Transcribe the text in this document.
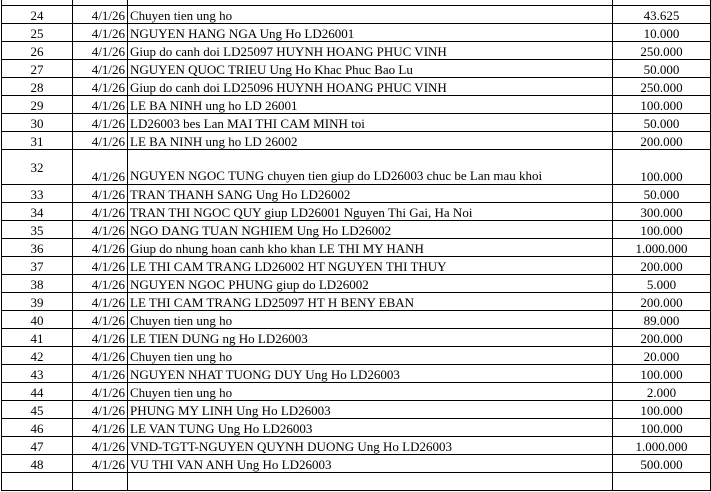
24	4/1/26	Chuyen tien ung ho	43.625
25	4/1/26	NGUYEN HANG NGA Ung Ho LD26001	10.000
26	4/1/26	Giup do canh doi LD25097 HUYNH HOANG PHUC VINH	250.000
27	4/1/26	NGUYEN QUOC TRIEU Ung Ho Khac Phuc Bao Lu	50.000
28	4/1/26	Giup do canh doi LD25096 HUYNH HOANG PHUC VINH	250.000
29	4/1/26	LE BA NINH ung ho LD 26001	100.000
30	4/1/26	LD26003 bes Lan MAI THI CAM MINH toi	50.000
31	4/1/26	LE BA NINH ung ho LD 26002	200.000
32	4/1/26	NGUYEN NGOC TUNG chuyen tien giup do LD26003 chuc be Lan mau khoi	100.000
33	4/1/26	TRAN THANH SANG Ung Ho LD26002	50.000
34	4/1/26	TRAN THI NGOC QUY giup LD26001 Nguyen Thi Gai, Ha Noi	300.000
35	4/1/26	NGO DANG TUAN NGHIEM Ung Ho LD26002	100.000
36	4/1/26	Giup do nhung hoan canh kho khan LE THI MY HANH	1.000.000
37	4/1/26	LE THI CAM TRANG LD26002 HT NGUYEN THI THUY	200.000
38	4/1/26	NGUYEN NGOC PHUNG giup do LD26002	5.000
39	4/1/26	LE THI CAM TRANG LD25097 HT H BENY EBAN	200.000
40	4/1/26	Chuyen tien ung ho	89.000
41	4/1/26	LE TIEN DUNG ng Ho LD26003	200.000
42	4/1/26	Chuyen tien ung ho	20.000
43	4/1/26	NGUYEN NHAT TUONG DUY Ung Ho LD26003	100.000
44	4/1/26	Chuyen tien ung ho	2.000
45	4/1/26	PHUNG MY LINH Ung Ho LD26003	100.000
46	4/1/26	LE VAN TUNG Ung Ho LD26003	100.000
47	4/1/26	VND-TGTT-NGUYEN QUYNH DUONG Ung Ho LD26003	1.000.000
48	4/1/26	VU THI VAN ANH Ung Ho LD26003	500.000
